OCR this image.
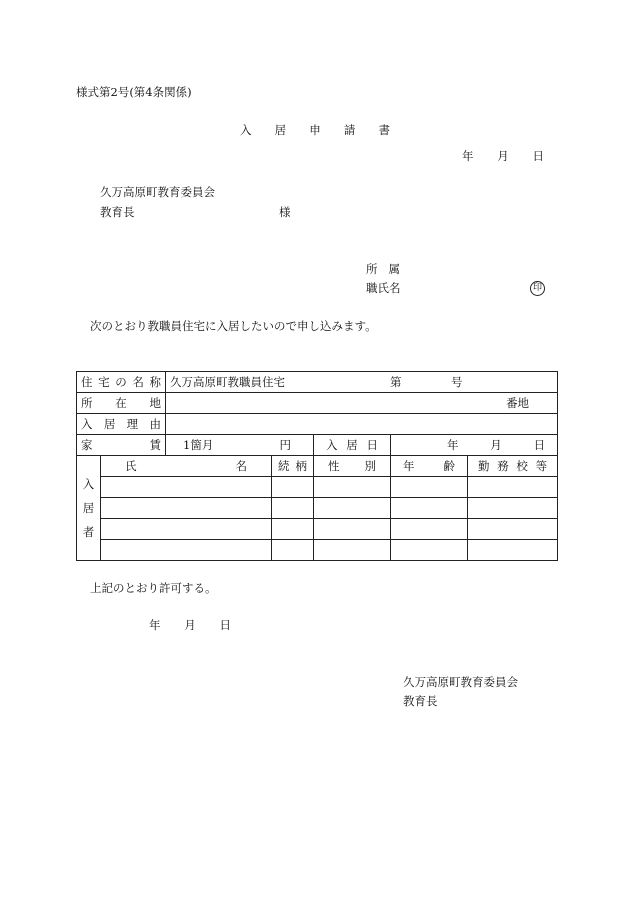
様式第2号(第4条関係)
入 居 申 請 書
年 月 日
久万高原町教育委員会
教育長	様
所 属
職氏名	印
次のとおり教職員住宅に入居したいので申し込みます。
住 宅 の 名 称		久万高原町教職員住宅 第 号				

所 在 地		番地				

入 居 理 由						

家 賃		1箇月 円		入 居 日	年 月 日	

入
居
者	氏 名		続 柄	性 別	年 齢	勤 務 校 等

上記のとおり許可する。
年 月 日
久万高原町教育委員会
教育長
